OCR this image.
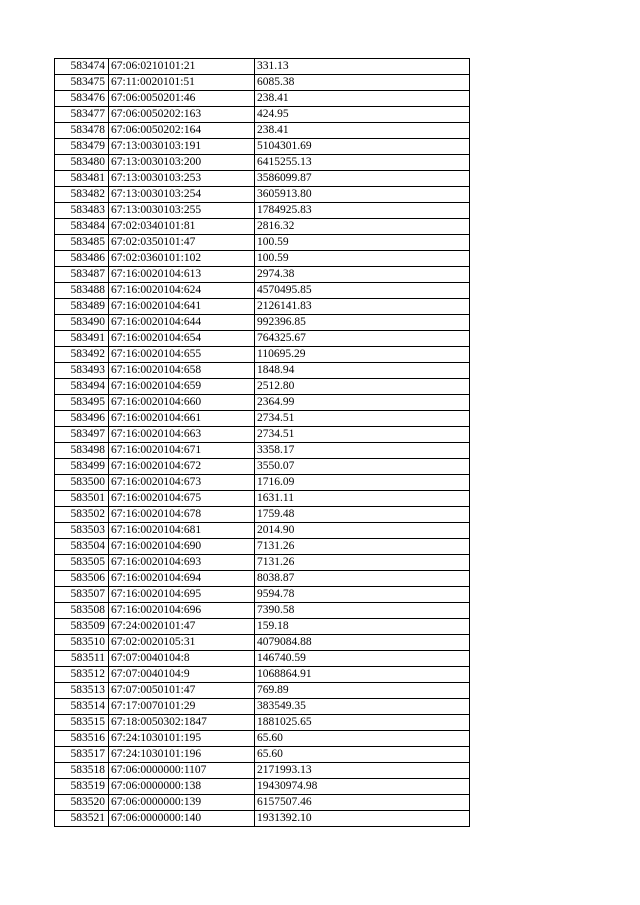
583474	67:06:0210101:21	331.13
583475	67:11:0020101:51	6085.38
583476	67:06:0050201:46	238.41
583477	67:06:0050202:163	424.95
583478	67:06:0050202:164	238.41
583479	67:13:0030103:191	5104301.69
583480	67:13:0030103:200	6415255.13
583481	67:13:0030103:253	3586099.87
583482	67:13:0030103:254	3605913.80
583483	67:13:0030103:255	1784925.83
583484	67:02:0340101:81	2816.32
583485	67:02:0350101:47	100.59
583486	67:02:0360101:102	100.59
583487	67:16:0020104:613	2974.38
583488	67:16:0020104:624	4570495.85
583489	67:16:0020104:641	2126141.83
583490	67:16:0020104:644	992396.85
583491	67:16:0020104:654	764325.67
583492	67:16:0020104:655	110695.29
583493	67:16:0020104:658	1848.94
583494	67:16:0020104:659	2512.80
583495	67:16:0020104:660	2364.99
583496	67:16:0020104:661	2734.51
583497	67:16:0020104:663	2734.51
583498	67:16:0020104:671	3358.17
583499	67:16:0020104:672	3550.07
583500	67:16:0020104:673	1716.09
583501	67:16:0020104:675	1631.11
583502	67:16:0020104:678	1759.48
583503	67:16:0020104:681	2014.90
583504	67:16:0020104:690	7131.26
583505	67:16:0020104:693	7131.26
583506	67:16:0020104:694	8038.87
583507	67:16:0020104:695	9594.78
583508	67:16:0020104:696	7390.58
583509	67:24:0020101:47	159.18
583510	67:02:0020105:31	4079084.88
583511	67:07:0040104:8	146740.59
583512	67:07:0040104:9	1068864.91
583513	67:07:0050101:47	769.89
583514	67:17:0070101:29	383549.35
583515	67:18:0050302:1847	1881025.65
583516	67:24:1030101:195	65.60
583517	67:24:1030101:196	65.60
583518	67:06:0000000:1107	2171993.13
583519	67:06:0000000:138	19430974.98
583520	67:06:0000000:139	6157507.46
583521	67:06:0000000:140	1931392.10
